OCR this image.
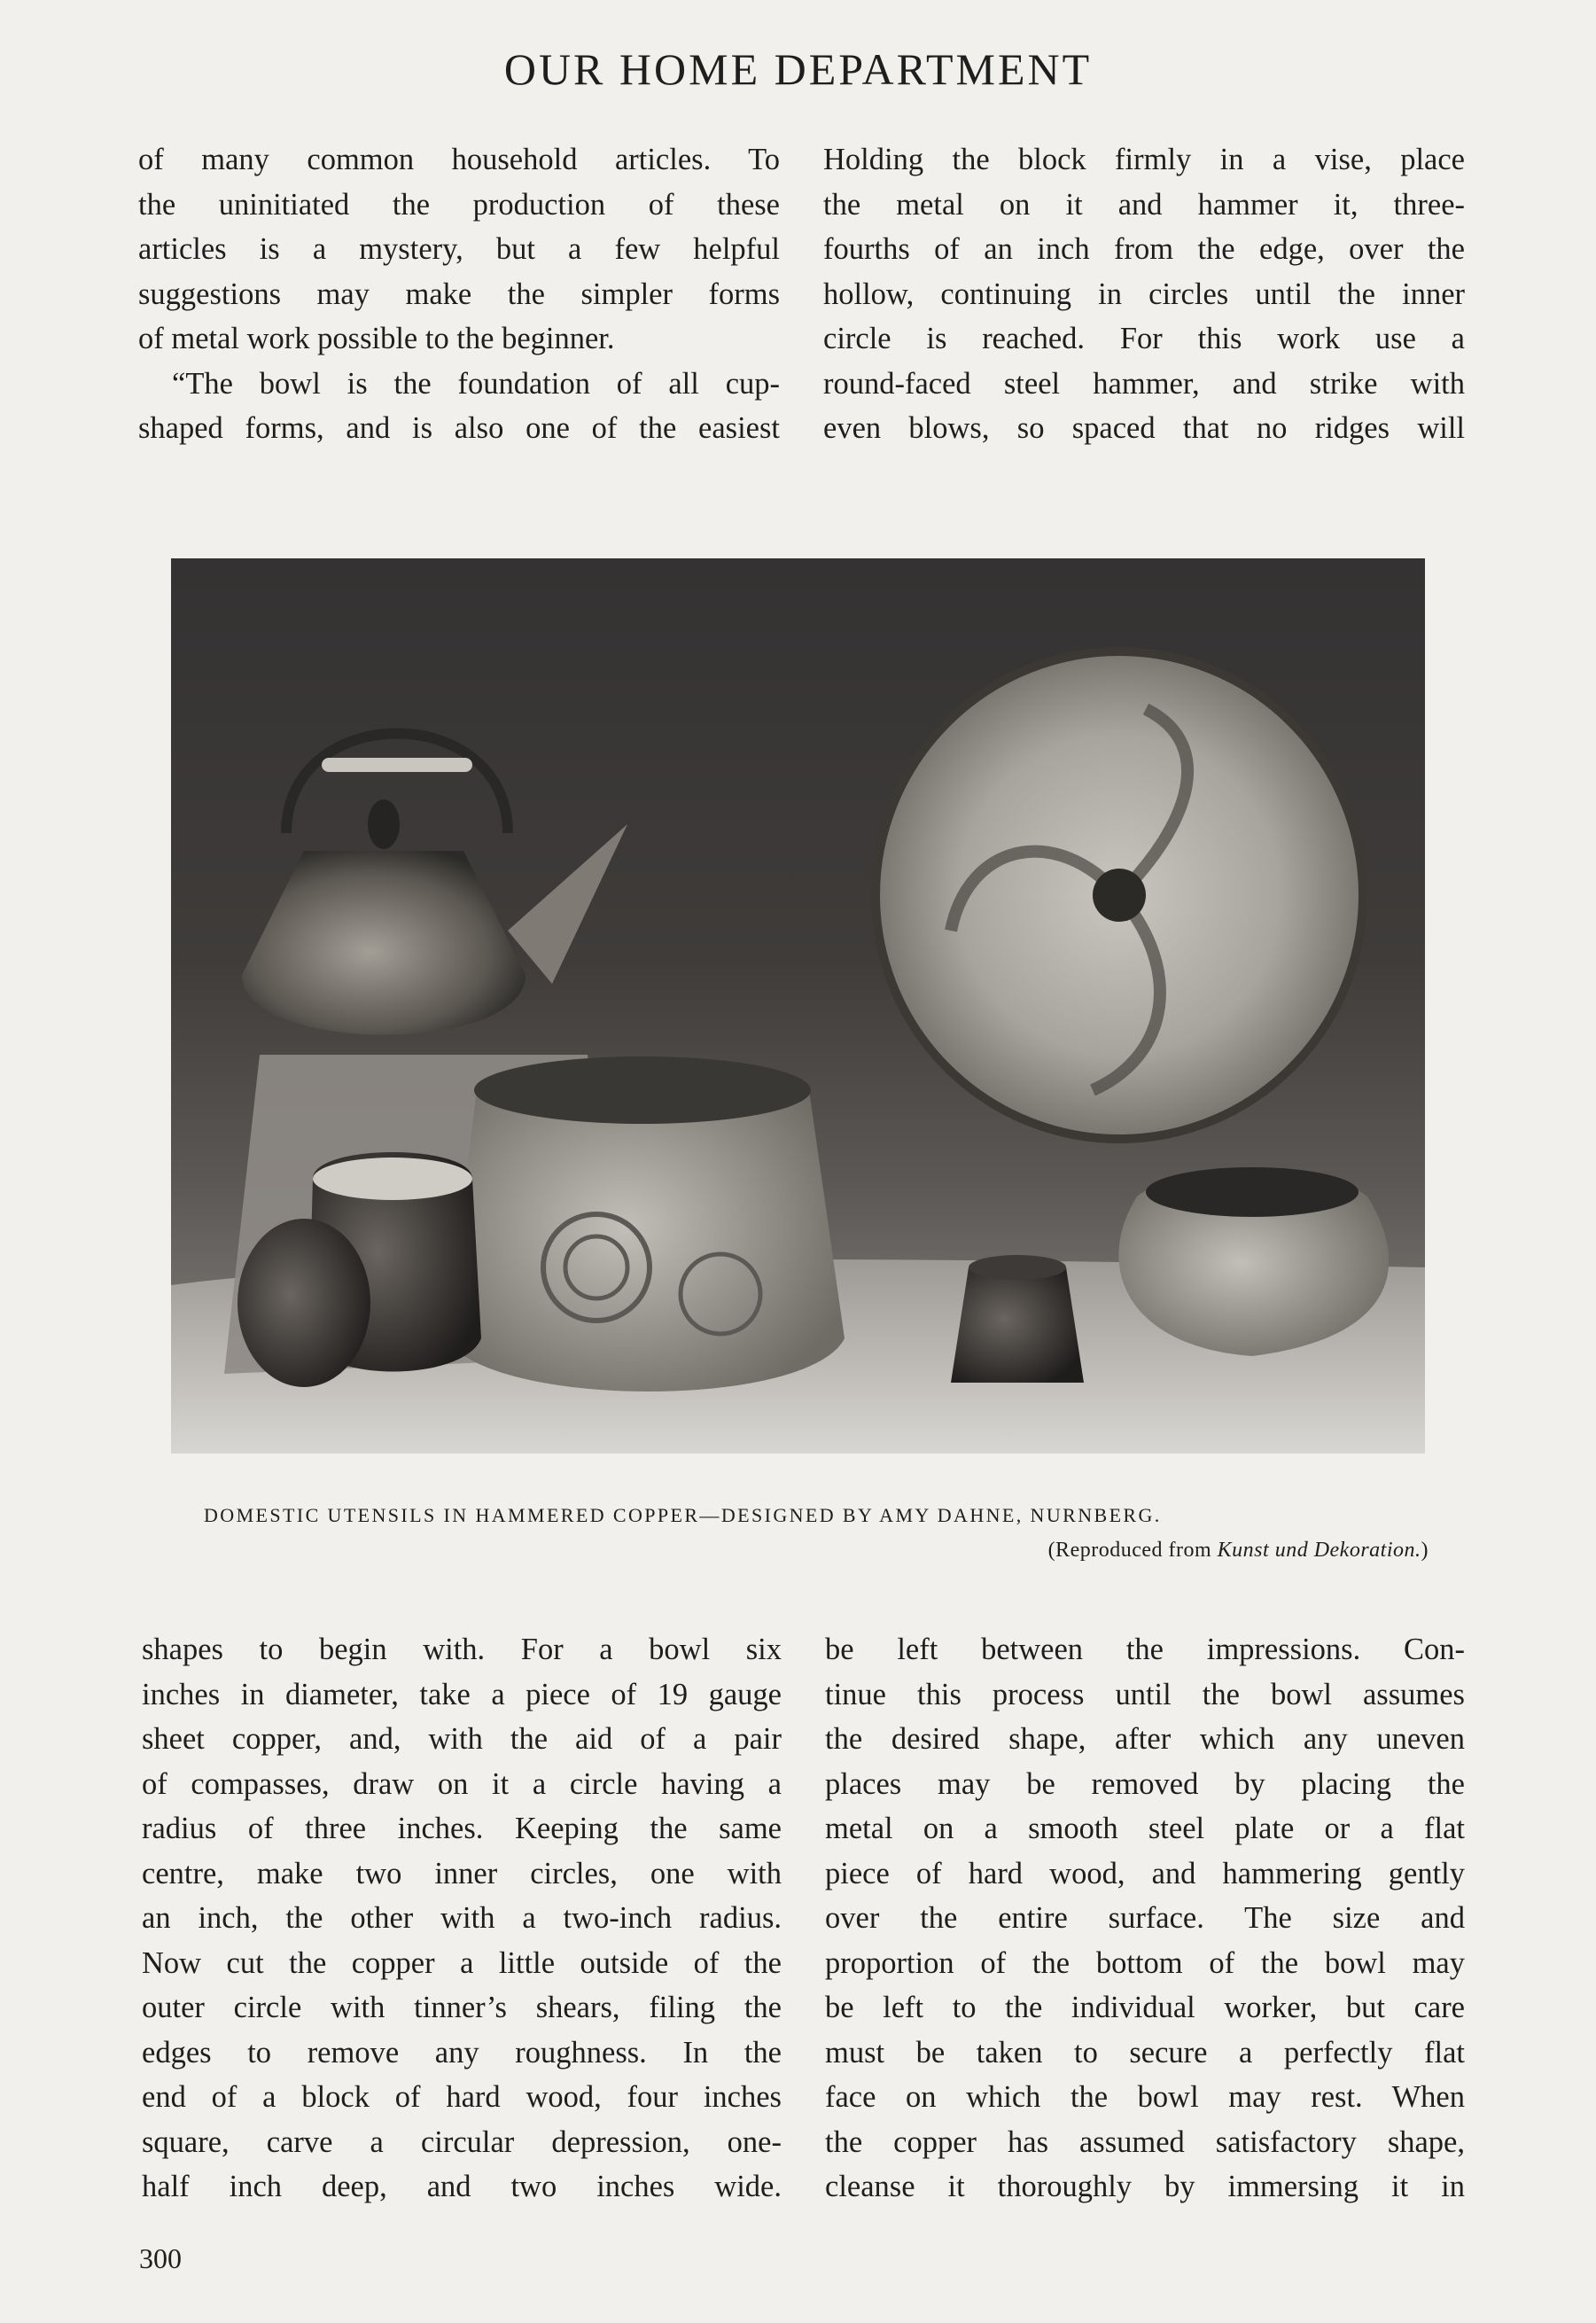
OUR HOME DEPARTMENT
of many common household articles. To
the uninitiated the production of these
articles is a mystery, but a few helpful
suggestions may make the simpler forms
of metal work possible to the beginner.
“The bowl is the foundation of all cup-
shaped forms, and is also one of the easiest
Holding the block firmly in a vise, place
the metal on it and hammer it, three-
fourths of an inch from the edge, over the
hollow, continuing in circles until the inner
circle is reached. For this work use a
round-faced steel hammer, and strike with
even blows, so spaced that no ridges will
DOMESTIC UTENSILS IN HAMMERED COPPER—DESIGNED BY AMY DAHNE, NURNBERG.
(Reproduced from Kunst und Dekoration.)
shapes to begin with. For a bowl six
inches in diameter, take a piece of 19 gauge
sheet copper, and, with the aid of a pair
of compasses, draw on it a circle having a
radius of three inches. Keeping the same
centre, make two inner circles, one with
an inch, the other with a two-inch radius.
Now cut the copper a little outside of the
outer circle with tinner’s shears, filing the
edges to remove any roughness. In the
end of a block of hard wood, four inches
square, carve a circular depression, one-
half inch deep, and two inches wide.
be left between the impressions. Con-
tinue this process until the bowl assumes
the desired shape, after which any uneven
places may be removed by placing the
metal on a smooth steel plate or a flat
piece of hard wood, and hammering gently
over the entire surface. The size and
proportion of the bottom of the bowl may
be left to the individual worker, but care
must be taken to secure a perfectly flat
face on which the bowl may rest. When
the copper has assumed satisfactory shape,
cleanse it thoroughly by immersing it in
300
